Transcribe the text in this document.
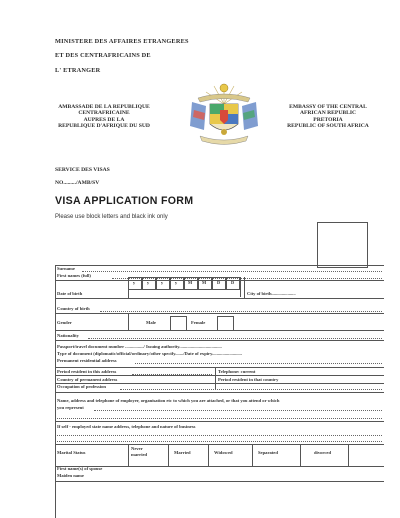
MINISTERE DES AFFAIRES ETRANGERES
ET DES CENTRAFRICAINS DE
L' ETRANGER
AMBASSADE DE LA REPUBLIQUE
CENTRAFRICAINE
AUPRES DE LA
REPUBLIQUE D'AFRIQUE DU SUD
EMBASSY OF THE CENTRAL
AFRICAN REPUBLIC
PRETORIA
REPUBLIC OF SOUTH AFRICA
SERVICE DES VISAS
NO........./AMB/SV
VISA APPLICATION FORM
Please use block letters and black ink only
Surname
First names (full)
y	y	y	y M M D D
Date of birth	City of birth.....................
Country of birth
Gender	Male	Female
Nationality
Passport/travel document number ................/ Issuing authority.....................................
Type of document (diplomatic/official/ordinary/other specify......./Date of expiry..........................
Permanent residential address
Period resident in this address	Telephone: current
Country of permanent address	Period resident in that country
Occupation of profession
Name, address and telephone of employer, organisation etc to which you are attached, or that you attend or which
you represent
If self - employed state name address, telephone and nature of business
Marital Status
Never married	Married	Widowed	Separated	divorced
First name(s) of spouse
Maiden name
